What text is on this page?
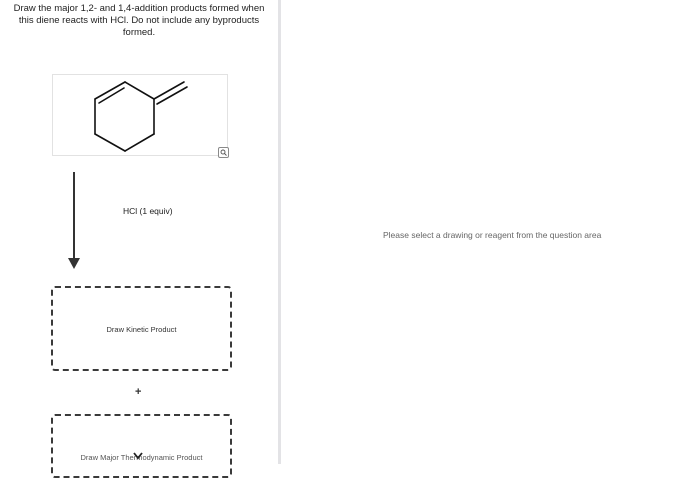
Draw the major 1,2- and 1,4-addition products formed when this diene reacts with HCl. Do not include any byproducts formed.
HCl (1 equiv)
Draw Kinetic Product
+
Draw Major Thermodynamic Product
Please select a drawing or reagent from the question area
